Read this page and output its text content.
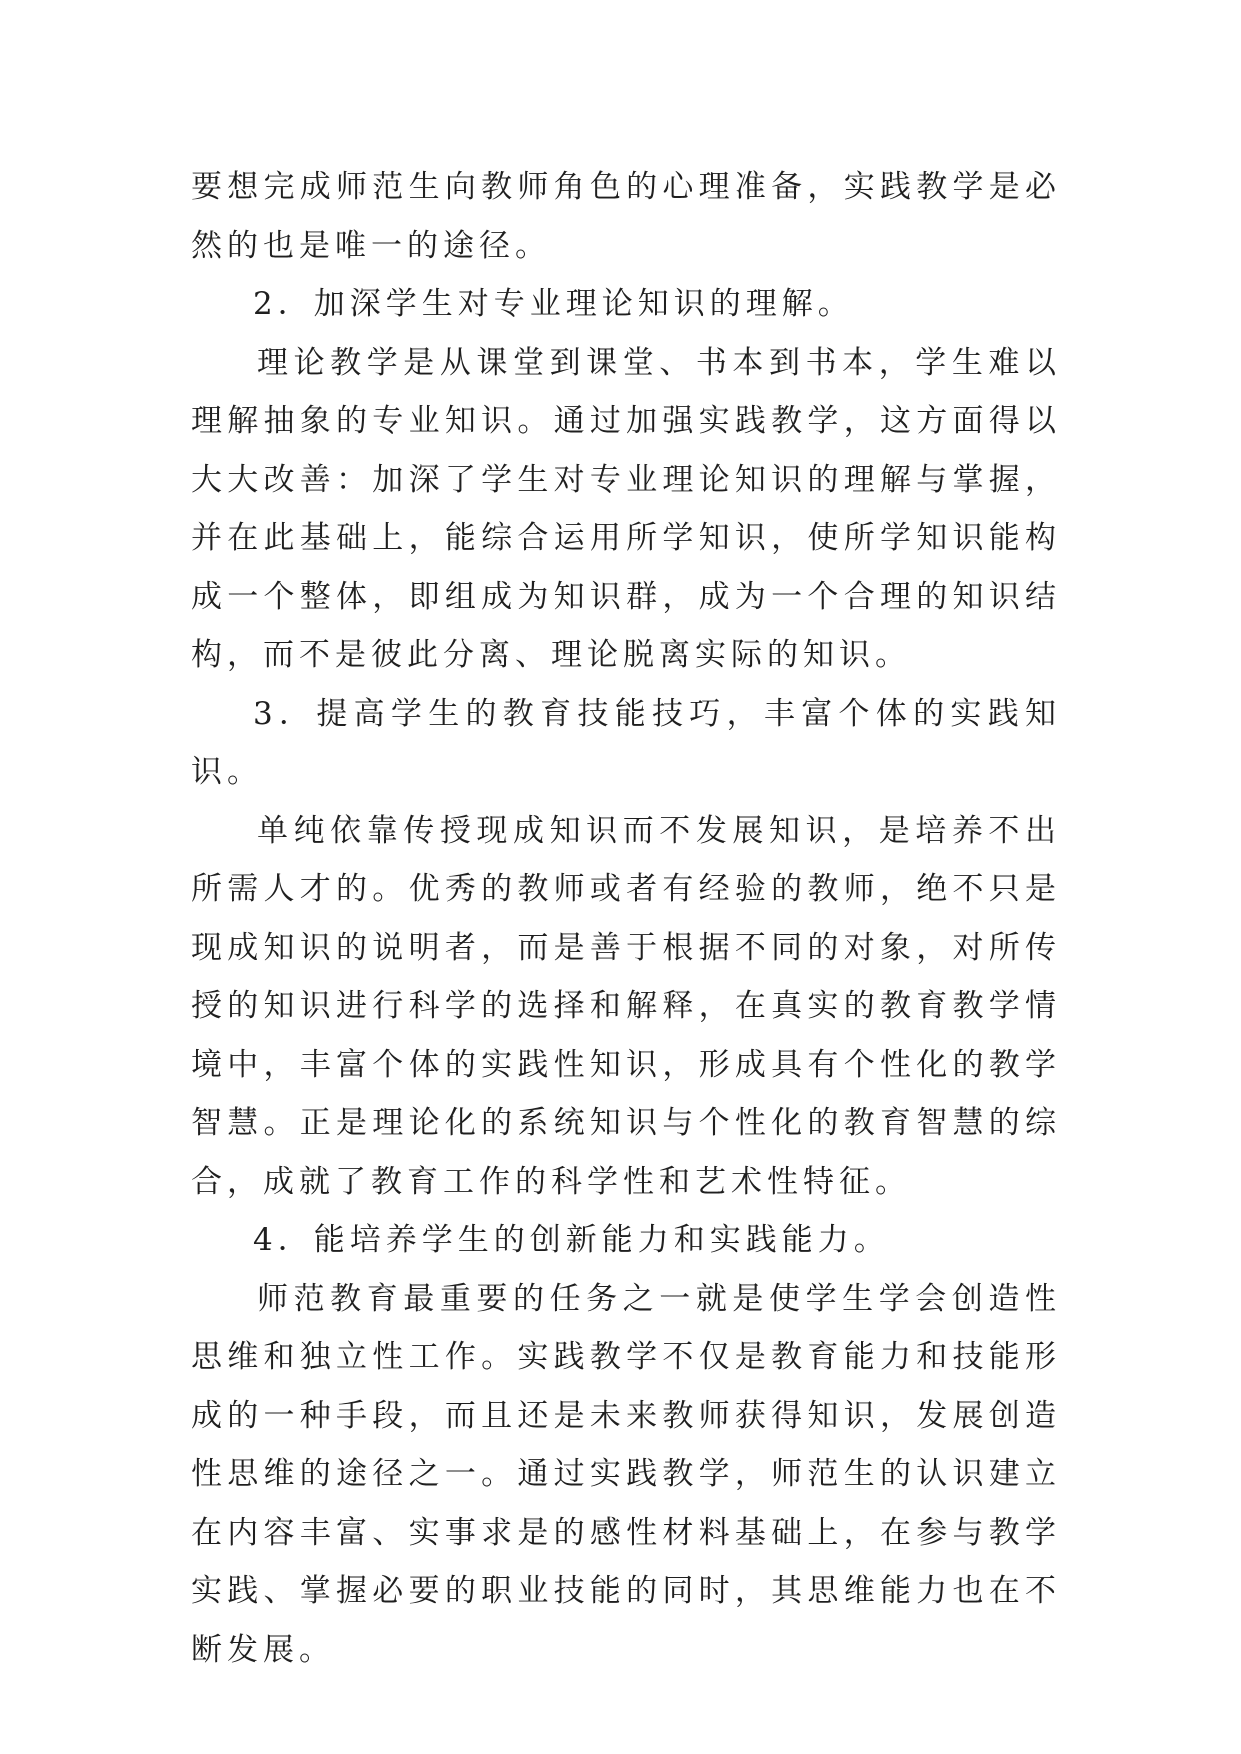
要想完成师范生向教师角色的心理准备，实践教学是必然的也是唯一的途径。

2．加深学生对专业理论知识的理解。

理论教学是从课堂到课堂、书本到书本，学生难以理解抽象的专业知识。通过加强实践教学，这方面得以大大改善：加深了学生对专业理论知识的理解与掌握，并在此基础上，能综合运用所学知识，使所学知识能构成一个整体，即组成为知识群，成为一个合理的知识结构，而不是彼此分离、理论脱离实际的知识。

3．提高学生的教育技能技巧，丰富个体的实践知识。

单纯依靠传授现成知识而不发展知识，是培养不出所需人才的。优秀的教师或者有经验的教师，绝不只是现成知识的说明者，而是善于根据不同的对象，对所传授的知识进行科学的选择和解释，在真实的教育教学情境中，丰富个体的实践性知识，形成具有个性化的教学智慧。正是理论化的系统知识与个性化的教育智慧的综合，成就了教育工作的科学性和艺术性特征。

4．能培养学生的创新能力和实践能力。

师范教育最重要的任务之一就是使学生学会创造性思维和独立性工作。实践教学不仅是教育能力和技能形成的一种手段，而且还是未来教师获得知识，发展创造性思维的途径之一。通过实践教学，师范生的认识建立在内容丰富、实事求是的感性材料基础上，在参与教学实践、掌握必要的职业技能的同时，其思维能力也在不断发展。
